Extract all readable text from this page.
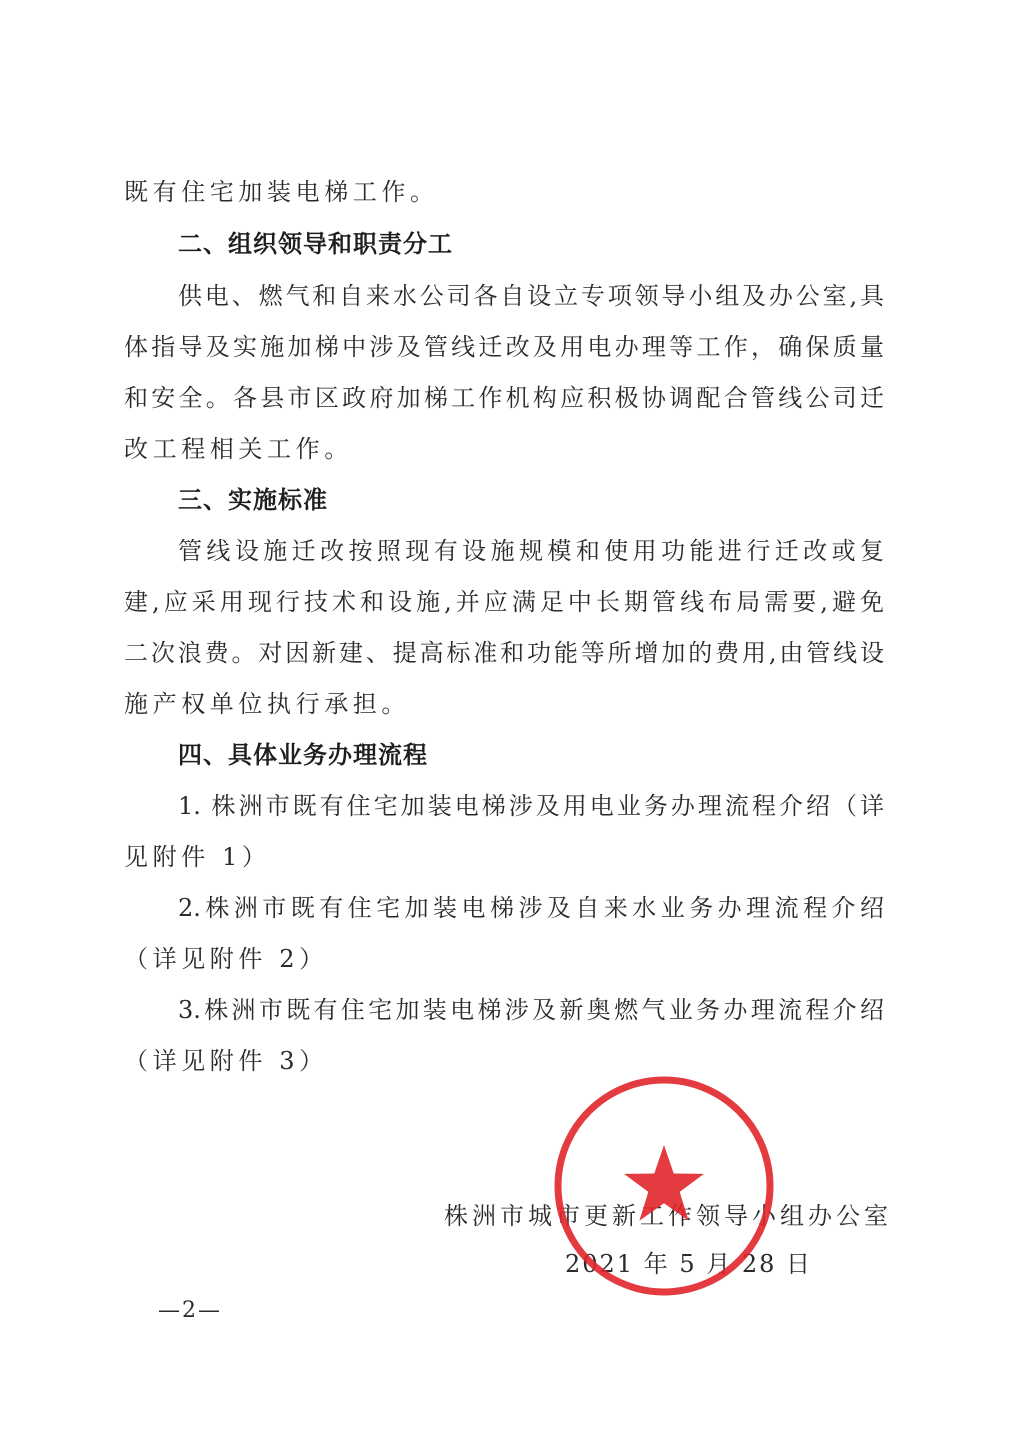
既有住宅加装电梯工作。
二、组织领导和职责分工
供电、燃气和自来水公司各自设立专项领导小组及办公室,具
体指导及实施加梯中涉及管线迁改及用电办理等工作，确保质量
和安全。各县市区政府加梯工作机构应积极协调配合管线公司迁
改工程相关工作。
三、实施标准
管线设施迁改按照现有设施规模和使用功能进行迁改或复
建,应采用现行技术和设施,并应满足中长期管线布局需要,避免
二次浪费。对因新建、提高标准和功能等所增加的费用,由管线设
施产权单位执行承担。
四、具体业务办理流程
1. 株洲市既有住宅加装电梯涉及用电业务办理流程介绍（详
见附件 1）
2.株洲市既有住宅加装电梯涉及自来水业务办理流程介绍
（详见附件 2）
3.株洲市既有住宅加装电梯涉及新奥燃气业务办理流程介绍
（详见附件 3）
株洲市城市更新工作领导小组办公室
2021 年 5 月 28 日
—2—
